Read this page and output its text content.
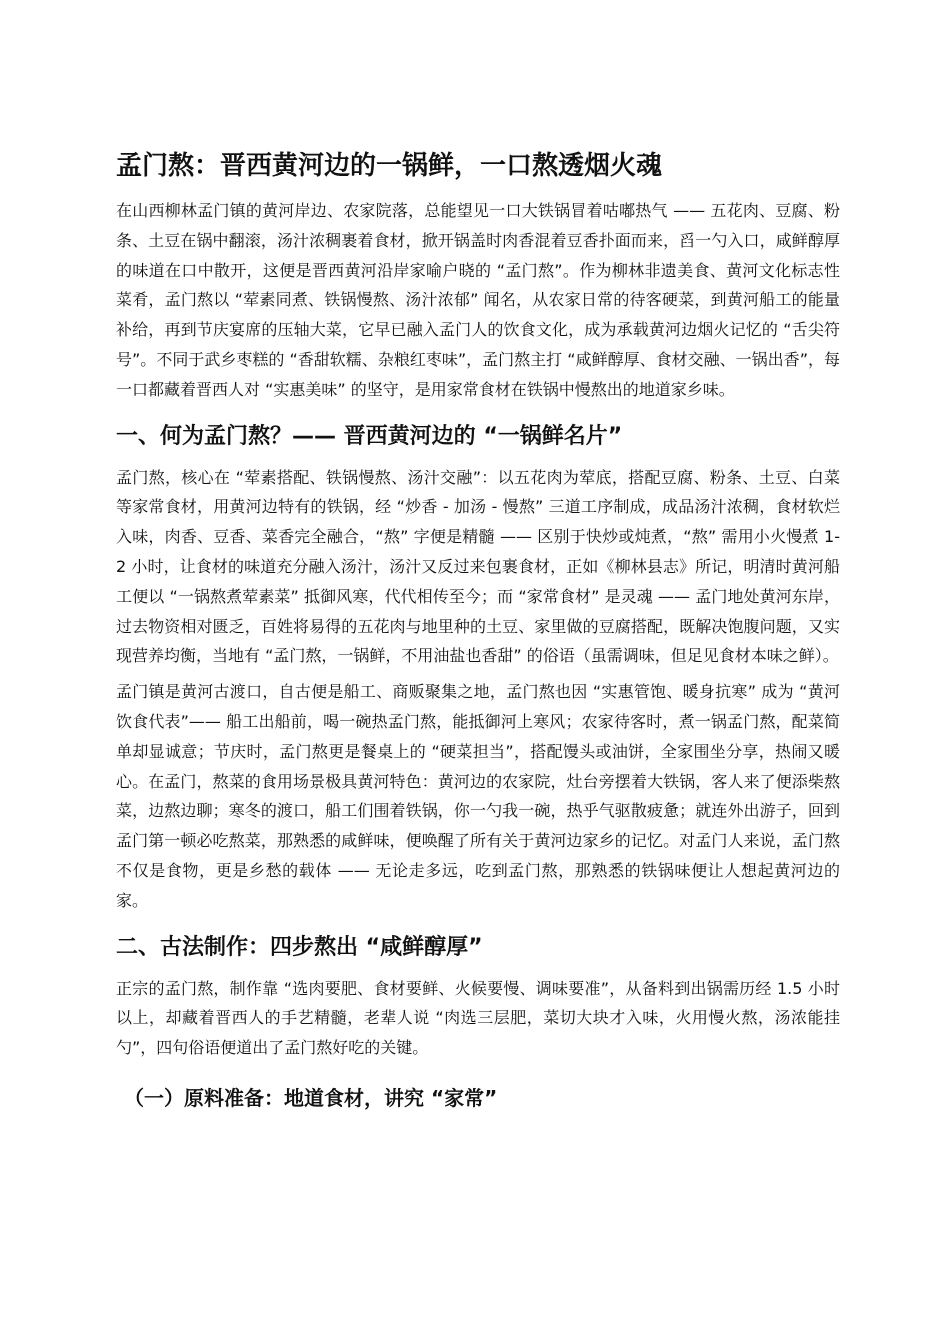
孟门熬：晋西黄河边的一锅鲜，一口熬透烟火魂

在山西柳林孟门镇的黄河岸边、农家院落，总能望见一口大铁锅冒着咕嘟热气 —— 五花肉、豆腐、粉条、土豆在锅中翻滚，汤汁浓稠裹着食材，掀开锅盖时肉香混着豆香扑面而来，舀一勺入口，咸鲜醇厚的味道在口中散开，这便是晋西黄河沿岸家喻户晓的 “孟门熬”。作为柳林非遗美食、黄河文化标志性菜肴，孟门熬以 “荤素同煮、铁锅慢熬、汤汁浓郁” 闻名，从农家日常的待客硬菜，到黄河船工的能量补给，再到节庆宴席的压轴大菜，它早已融入孟门人的饮食文化，成为承载黄河边烟火记忆的 “舌尖符号”。不同于武乡枣糕的 “香甜软糯、杂粮红枣味”，孟门熬主打 “咸鲜醇厚、食材交融、一锅出香”，每一口都藏着晋西人对 “实惠美味” 的坚守，是用家常食材在铁锅中慢熬出的地道家乡味。

一、何为孟门熬？—— 晋西黄河边的 “一锅鲜名片”

孟门熬，核心在 “荤素搭配、铁锅慢熬、汤汁交融”：以五花肉为荤底，搭配豆腐、粉条、土豆、白菜等家常食材，用黄河边特有的铁锅，经 “炒香 - 加汤 - 慢熬” 三道工序制成，成品汤汁浓稠，食材软烂入味，肉香、豆香、菜香完全融合，“熬” 字便是精髓 —— 区别于快炒或炖煮，“熬” 需用小火慢煮 1-2 小时，让食材的味道充分融入汤汁，汤汁又反过来包裹食材，正如《柳林县志》所记，明清时黄河船工便以 “一锅熬煮荤素菜” 抵御风寒，代代相传至今；而 “家常食材” 是灵魂 —— 孟门地处黄河东岸，过去物资相对匮乏，百姓将易得的五花肉与地里种的土豆、家里做的豆腐搭配，既解决饱腹问题，又实现营养均衡，当地有 “孟门熬，一锅鲜，不用油盐也香甜” 的俗语（虽需调味，但足见食材本味之鲜）。

孟门镇是黄河古渡口，自古便是船工、商贩聚集之地，孟门熬也因 “实惠管饱、暖身抗寒” 成为 “黄河饮食代表”—— 船工出船前，喝一碗热孟门熬，能抵御河上寒风；农家待客时，煮一锅孟门熬，配菜简单却显诚意；节庆时，孟门熬更是餐桌上的 “硬菜担当”，搭配馒头或油饼，全家围坐分享，热闹又暖心。在孟门，熬菜的食用场景极具黄河特色：黄河边的农家院，灶台旁摆着大铁锅，客人来了便添柴熬菜，边熬边聊；寒冬的渡口，船工们围着铁锅，你一勺我一碗，热乎气驱散疲惫；就连外出游子，回到孟门第一顿必吃熬菜，那熟悉的咸鲜味，便唤醒了所有关于黄河边家乡的记忆。对孟门人来说，孟门熬不仅是食物，更是乡愁的载体 —— 无论走多远，吃到孟门熬，那熟悉的铁锅味便让人想起黄河边的家。

二、古法制作：四步熬出 “咸鲜醇厚”

正宗的孟门熬，制作靠 “选肉要肥、食材要鲜、火候要慢、调味要准”，从备料到出锅需历经 1.5 小时以上，却藏着晋西人的手艺精髓，老辈人说 “肉选三层肥，菜切大块才入味，火用慢火熬，汤浓能挂勺”，四句俗语便道出了孟门熬好吃的关键。

（一）原料准备：地道食材，讲究 “家常”
